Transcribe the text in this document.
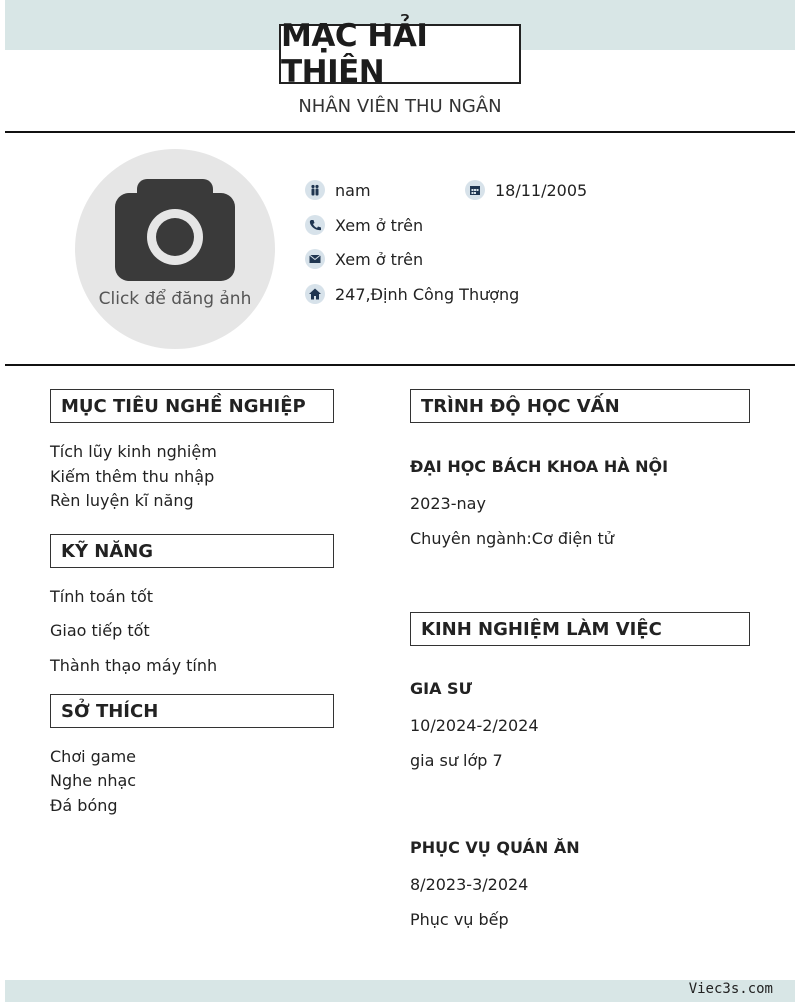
MẠC HẢI THIÊN
NHÂN VIÊN THU NGÂN
Click để đăng ảnh
nam	18/11/2005
Xem ở trên
Xem ở trên
247,Định Công Thượng
MỤC TIÊU NGHỀ NGHIỆP
Tích lũy kinh nghiệm
Kiếm thêm thu nhập
Rèn luyện kĩ năng
KỸ NĂNG
Tính toán tốt
Giao tiếp tốt
Thành thạo máy tính
SỞ THÍCH
Chơi game
Nghe nhạc
Đá bóng
TRÌNH ĐỘ HỌC VẤN
ĐẠI HỌC BÁCH KHOA HÀ NỘI
2023-nay
Chuyên ngành:Cơ điện tử
KINH NGHIỆM LÀM VIỆC
GIA SƯ
10/2024-2/2024
gia sư lớp 7
PHỤC VỤ QUÁN ĂN
8/2023-3/2024
Phục vụ bếp
Viec3s.com
